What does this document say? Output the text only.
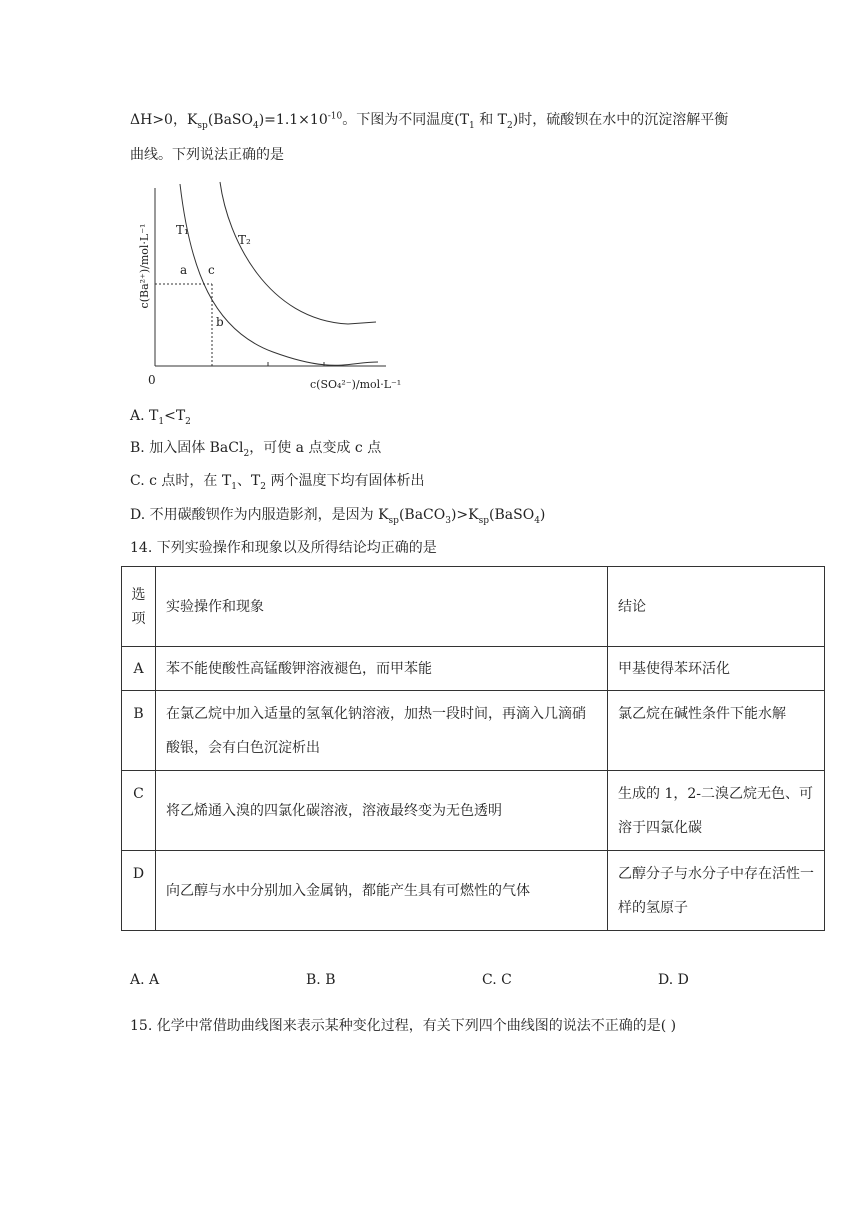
ΔH>0，$K_{sp}(BaSO_4)=1.1\times 10^{-10}$。下图为不同温度($T_1$ 和 $T_2$)时，硫酸钡在水中的沉淀溶解平衡
曲线。下列说法正确的是
T₁
T₂
a c
b
0	c(SO₄²⁻)/mol·L⁻¹
c(Ba²⁺)/mol·L⁻¹
A. $T_1<T_2$
B. 加入固体 BaCl$_2$，可使 a 点变成 c 点
C. c 点时，在 $T_1$、$T_2$ 两个温度下均有固体析出
D. 不用碳酸钡作为内服造影剂，是因为 $K_{sp}(BaCO_3)>K_{sp}(BaSO_4)$
14. 下列实验操作和现象以及所得结论均正确的是
选项	实验操作和现象	结论
A	苯不能使酸性高锰酸钾溶液褪色，而甲苯能	甲基使得苯环活化
B	在氯乙烷中加入适量的氢氧化钠溶液，加热一段时间，再滴入几滴硝酸银，会有白色沉淀析出	氯乙烷在碱性条件下能水解
C	将乙烯通入溴的四氯化碳溶液，溶液最终变为无色透明	生成的 1，2-二溴乙烷无色、可溶于四氯化碳
D	向乙醇与水中分别加入金属钠，都能产生具有可燃性的气体	乙醇分子与水分子中存在活性一样的氢原子
A. A	B. B	C. C	D. D
15. 化学中常借助曲线图来表示某种变化过程，有关下列四个曲线图的说法不正确的是( )
